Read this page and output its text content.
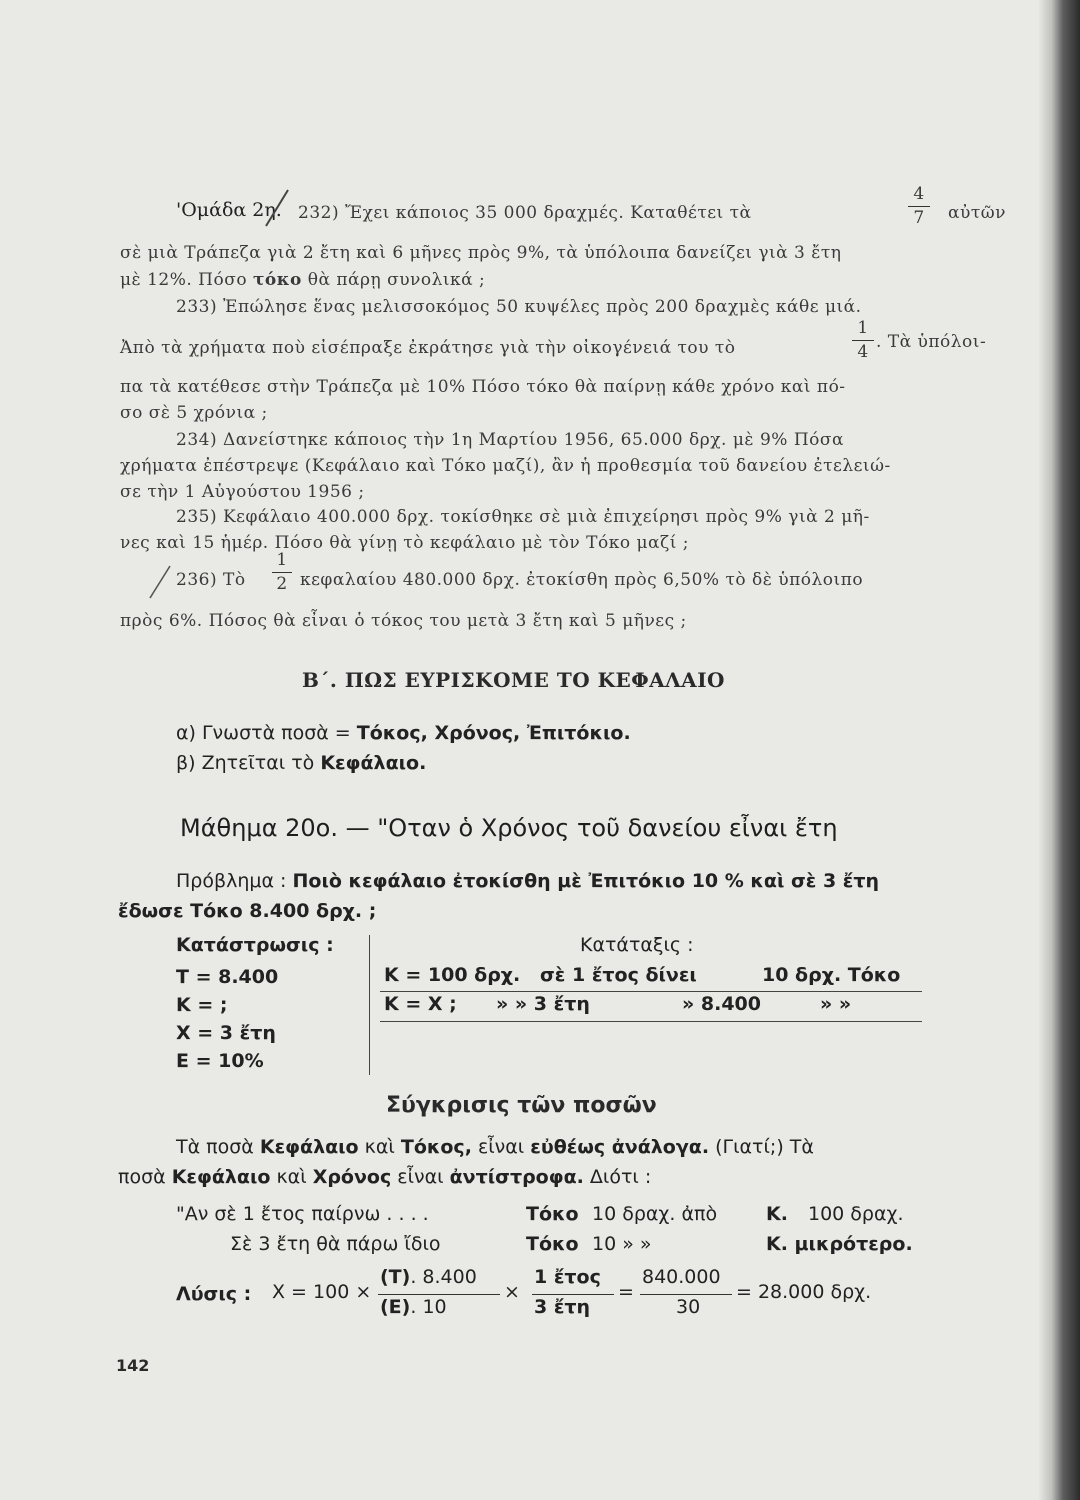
'Ομάδα 2η. 232) Ἔχει κάποιος 35 000 δραχμές. Καταθέτει τὰ
4
7	αὐτῶν
σὲ μιὰ Τράπεζα γιὰ 2 ἔτη καὶ 6 μῆνες πρὸς 9%, τὰ ὑπόλοιπα δανείζει γιὰ 3 ἔτη
μὲ 12%. Πόσο τόκο θὰ πάρῃ συνολικά ;
233) Ἐπώλησε ἕνας μελισσοκόμος 50 κυψέλες πρὸς 200 δραχμὲς κάθε μιά.
Ἀπὸ τὰ χρήματα ποὺ εἰσέπραξε ἐκράτησε γιὰ τὴν οἰκογένειά του τὸ
1
4 . Τὰ ὑπόλοι-
πα τὰ κατέθεσε στὴν Τράπεζα μὲ 10% Πόσο τόκο θὰ παίρνῃ κάθε χρόνο καὶ πό-
σο σὲ 5 χρόνια ;
234) Δανείστηκε κάποιος τὴν 1η Μαρτίου 1956, 65.000 δρχ. μὲ 9% Πόσα
χρήματα ἐπέστρεψε (Κεφάλαιο καὶ Τόκο μαζί), ἂν ἡ προθεσμία τοῦ δανείου ἐτελειώ-
σε τὴν 1 Αὐγούστου 1956 ;
235) Κεφάλαιο 400.000 δρχ. τοκίσθηκε σὲ μιὰ ἐπιχείρησι πρὸς 9% γιὰ 2 μῆ-
νες καὶ 15 ἡμέρ. Πόσο θὰ γίνῃ τὸ κεφάλαιο μὲ τὸν Τόκο μαζί ;
236) Τὸ
1
2 κεφαλαίου 480.000 δρχ. ἐτοκίσθη πρὸς 6,50% τὸ δὲ ὑπόλοιπο
πρὸς 6%. Πόσος θὰ εἶναι ὁ τόκος του μετὰ 3 ἔτη καὶ 5 μῆνες ;
Β΄. ΠΩΣ ΕΥΡΙΣΚΟΜΕ ΤΟ ΚΕΦΑΛΑΙΟ
α) Γνωστὰ ποσὰ = Τόκος, Χρόνος, Ἐπιτόκιο.
β) Ζητεῖται τὸ Κεφάλαιο.
Μάθημα 20ο. — "Οταν ὁ Χρόνος τοῦ δανείου εἶναι ἔτη
Πρόβλημα : Ποιὸ κεφάλαιο ἐτοκίσθη μὲ Ἐπιτόκιο 10 % καὶ σὲ 3 ἔτη
ἔδωσε Τόκο 8.400 δρχ. ;
Κατάστρωσις :
Τ = 8.400
Κ = ;
Χ = 3 ἔτη
Ε = 10%
Κατάταξις :
Κ = 100 δρχ. σὲ 1 ἔτος δίνει	10 δρχ. Τόκο
Κ = Χ ; » » 3 ἔτη	» 8.400	» »
Σύγκρισις τῶν ποσῶν
Τὰ ποσὰ Κεφάλαιο καὶ Τόκος, εἶναι εὐθέως ἀνάλογα. (Γιατί;) Τὰ
ποσὰ Κεφάλαιο καὶ Χρόνος εἶναι ἀντίστροφα. Διότι :
"Αν σὲ 1 ἔτος παίρνω . . . .	Τόκο 10 δραχ. ἀπὸ	Κ. 100 δραχ.
Σὲ 3 ἔτη θὰ πάρω ἴδιο	Τόκο 10 » »	Κ. μικρότερο.
Λύσις : Χ = 100 ×
(Τ). 8.400
(Ε). 10
×
1 ἔτος
3 ἔτη
=
840.000
30
= 28.000 δρχ.
142
